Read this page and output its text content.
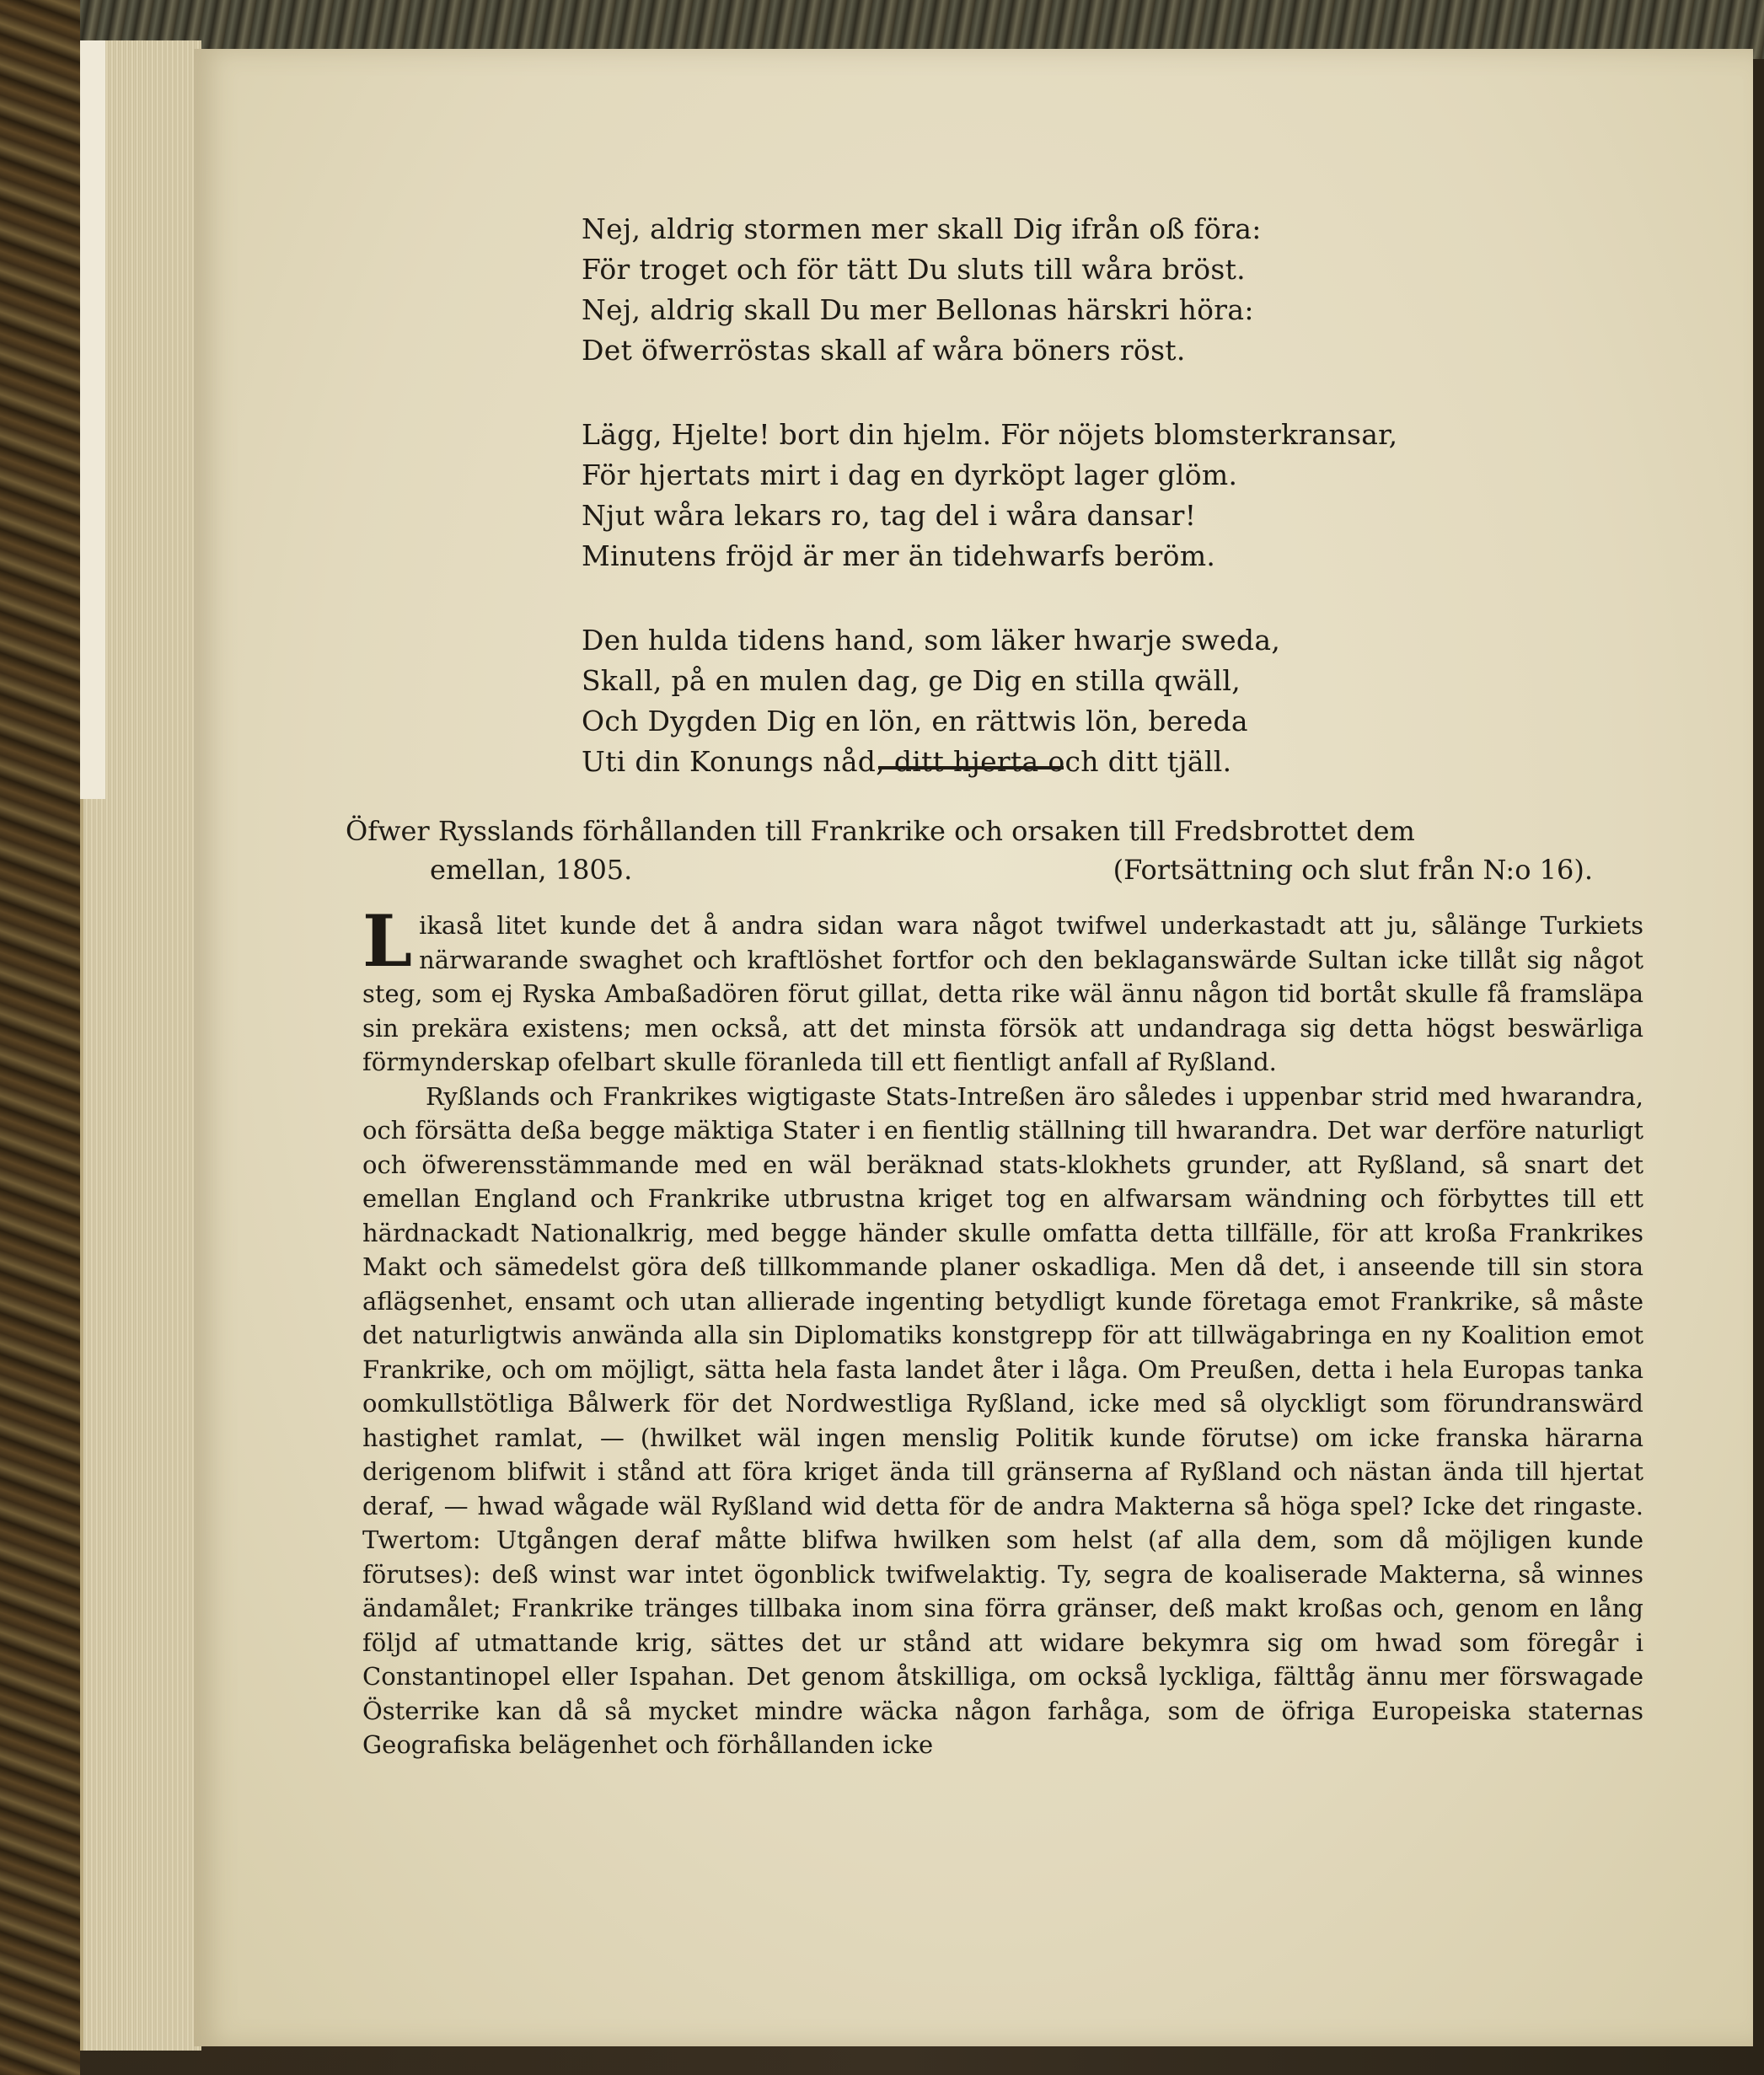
Nej, aldrig stormen mer skall Dig ifrån oß föra:
För troget och för tätt Du sluts till wåra bröst.
Nej, aldrig skall Du mer Bellonas härskri höra:
Det öfwerröstas skall af wåra böners röst.
Lägg, Hjelte! bort din hjelm. För nöjets blomsterkransar,
För hjertats mirt i dag en dyrköpt lager glöm.
Njut wåra lekars ro, tag del i wåra dansar!
Minutens fröjd är mer än tidehwarfs beröm.
Den hulda tidens hand, som läker hwarje sweda,
Skall, på en mulen dag, ge Dig en stilla qwäll,
Och Dygden Dig en lön, en rättwis lön, bereda
Uti din Konungs nåd, ditt hjerta och ditt tjäll.
Öfwer Rysslands förhållanden till Frankrike och orsaken till Fredsbrottet dem
emellan, 1805.	(Fortsättning och slut från N:o 16).

Likaså litet kunde det å andra sidan wara något twifwel underkastadt att ju, sålänge Turkiets närwarande swaghet och kraftlöshet fortfor och den beklaganswärde Sultan icke tillåt sig något steg, som ej Ryska Ambaßadören förut gillat, detta rike wäl ännu någon tid bortåt skulle få framsläpa sin prekära existens; men också, att det minsta försök att undandraga sig detta högst beswärliga förmynderskap ofelbart skulle föranleda till ett fientligt anfall af Ryßland.

Ryßlands och Frankrikes wigtigaste Stats-Intreßen äro således i uppenbar strid med hwarandra, och försätta deßa begge mäktiga Stater i en fientlig ställning till hwarandra. Det war derföre naturligt och öfwerensstämmande med en wäl beräknad stats-klokhets grunder, att Ryßland, så snart det emellan England och Frankrike utbrustna kriget tog en alfwarsam wändning och förbyttes till ett härdnackadt Nationalkrig, med begge händer skulle omfatta detta tillfälle, för att kroßa Frankrikes Makt och sämedelst göra deß tillkommande planer oskadliga. Men då det, i anseende till sin stora aflägsenhet, ensamt och utan allierade ingenting betydligt kunde företaga emot Frankrike, så måste det naturligtwis anwända alla sin Diplomatiks konstgrepp för att tillwägabringa en ny Koalition emot Frankrike, och om möjligt, sätta hela fasta landet åter i låga. Om Preußen, detta i hela Europas tanka oomkullstötliga Bålwerk för det Nordwestliga Ryßland, icke med så olyckligt som förundranswärd hastighet ramlat, — (hwilket wäl ingen menslig Politik kunde förutse) om icke franska härarna derigenom blifwit i stånd att föra kriget ända till gränserna af Ryßland och nästan ända till hjertat deraf, — hwad wågade wäl Ryßland wid detta för de andra Makterna så höga spel? Icke det ringaste. Twertom: Utgången deraf måtte blifwa hwilken som helst (af alla dem, som då möjligen kunde förutses): deß winst war intet ögonblick twifwelaktig. Ty, segra de koaliserade Makterna, så winnes ändamålet; Frankrike tränges tillbaka inom sina förra gränser, deß makt kroßas och, genom en lång följd af utmattande krig, sättes det ur stånd att widare bekymra sig om hwad som föregår i Constantinopel eller Ispahan. Det genom åtskilliga, om också lyckliga, fälttåg ännu mer förswagade Österrike kan då så mycket mindre wäcka någon farhåga, som de öfriga Europeiska staternas Geografiska belägenhet och förhållanden icke
